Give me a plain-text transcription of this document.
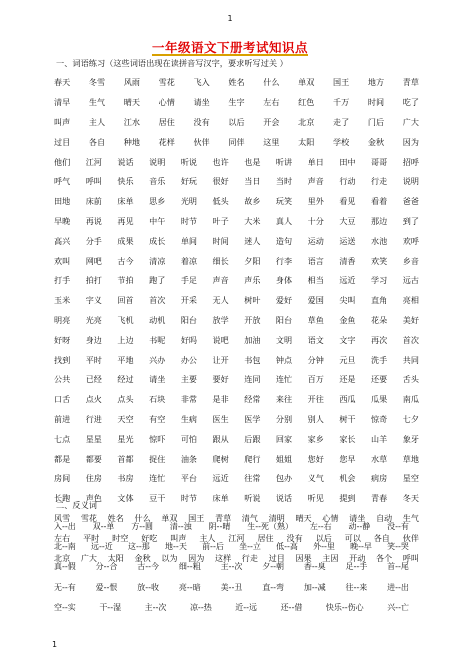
1
一年级语文下册考试知识点
一、词语练习（这些词语出现在读拼音写汉字，要求听写过关 ）
春天 冬雪 风雨 雪花 飞入 姓名 什么 单双 国王 地方 青草
清早 生气 晴天 心情 请坐 生字 左右 红色 千万 时间 吃了
叫声 主人 江水 居住 没有 以后 开会 北京 走了 门后 广大
过目 各自 种地 花样 伙伴 同伴 这里 太阳 学校 金秋 因为
他们 江河 说话 说明 听说 也许 也是 听讲 单日 田中 哥哥 招呼
呼气 呼叫 快乐 音乐 好玩 很好 当日 当时 声音 行动 行走 说明
田地 床前 床单 思乡 光明 低头 故乡 玩笑 里外 看见 看着 爸爸
早晚 再说 再见 中午 时节 叶子 大米 真人 十分 大豆 那边 到了
高兴 分手 成果 成长 单间 时间 迷人 造句 运动 运送 水池 欢呼
欢叫 网吧 古今 清凉 着凉 细长 夕阳 行李 语言 清香 欢笑 乡音
打手 拍打 节拍 跑了 手足 声音 声乐 身体 相当 远近 学习 远古
玉米 字义 回首 首次 开采 无人 树叶 爱好 爱国 尖叫 直角 亮相
明亮 光亮 飞机 动机 阳台 放学 开放 阳台 草鱼 金鱼 花朵 美好
好呀 身边 上边 书呢 好吗 说吧 加油 文明 语文 文字 再次 首次
找到 平时 平地 兴办 办公 让开 书包 钟点 分钟 元旦 洗手 共同
公共 已经 经过 请坐 主要 要好 连同 连忙 百万 还是 还要 舌头
口舌 点火 点头 石块 非常 是非 经常 来往 开往 西瓜 瓜果 南瓜
前进 行进 天空 有空 生病 医生 医学 分别 别人 树干 惊奇 七夕
七点 星星 星光 惊吓 可怕 跟从 后跟 回家 家乡 家长 山羊 象牙
都是 都要 首都 捉住 油条 爬树 爬行 姐姐 您好 您早 水草 草地
房间 住房 书房 连忙 平台 远近 往常 包办 义气 机会 病房 星空
长跑 声色 文体 豆干 时节 床单 听说 说话 听见 提到 青春 冬天
风雪 雪花 姓名 什么 单双 国王 青草 清气 清明 晴天 心情 请坐 自动 生气
左右 平时 时空 好吃 叫声 主人 江河 居住 没有 以后 可以 各自 伙伴
北京 广大 太阳 金秋 以为 因为 这样 行走 过目 因果 主因 开动 各个 呼叫
二、反义词
入--出 双--单 方--圆 清--浊 阴--晴 生--死（熟） 左--右 动--静 没--有
北--南 远--近 这--那 地--天 前--后 坐--立 低--高 外--里 晚--早 笑--哭
真--假 分--合 古--今 细--粗 主--次 夕--朝 香--臭 足--手 首--尾
无--有 爱--恨 放--收 亮--暗 美--丑 直--弯 加--减 往--来 进--出
空--实	干--湿	主--次	凉--热	近--远	还--借	快乐--伤心	兴--亡
1
